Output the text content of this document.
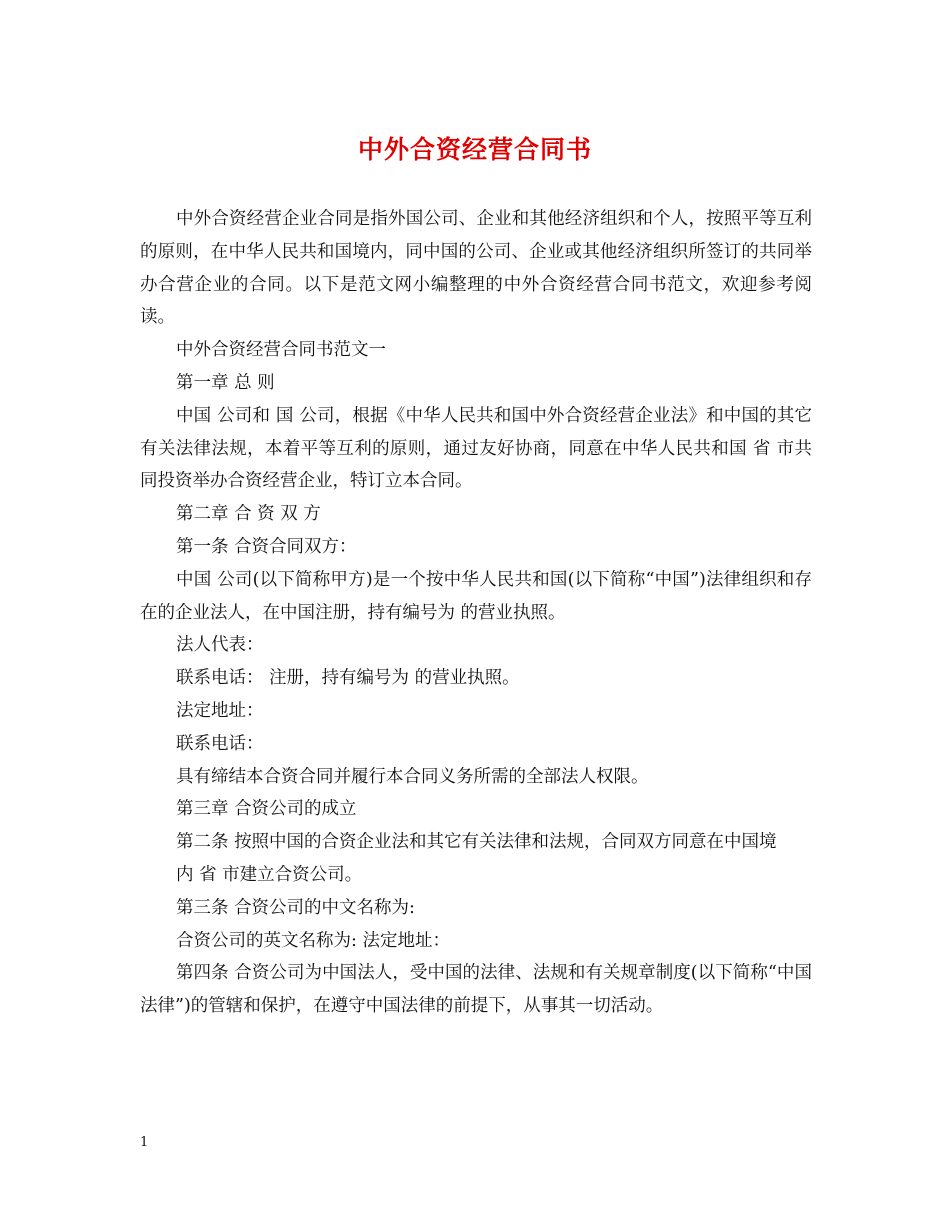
中外合资经营合同书

中外合资经营企业合同是指外国公司、企业和其他经济组织和个人，按照平等互利的原则，在中华人民共和国境内，同中国的公司、企业或其他经济组织所签订的共同举办合营企业的合同。以下是范文网小编整理的中外合资经营合同书范文，欢迎参考阅读。

中外合资经营合同书范文一

第一章 总 则

中国 公司和 国 公司，根据《中华人民共和国中外合资经营企业法》和中国的其它有关法律法规，本着平等互利的原则，通过友好协商，同意在中华人民共和国 省 市共同投资举办合资经营企业，特订立本合同。

第二章 合 资 双 方

第一条 合资合同双方：

中国 公司(以下简称甲方)是一个按中华人民共和国(以下简称“中国”)法律组织和存在的企业法人，在中国注册，持有编号为 的营业执照。

法人代表：

联系电话： 注册，持有编号为 的营业执照。

法定地址：

联系电话：

具有缔结本合资合同并履行本合同义务所需的全部法人权限。

第三章 合资公司的成立

第二条 按照中国的合资企业法和其它有关法律和法规，合同双方同意在中国境

内 省 市建立合资公司。

第三条 合资公司的中文名称为:

合资公司的英文名称为: 法定地址：

第四条 合资公司为中国法人，受中国的法律、法规和有关规章制度(以下简称“中国法律”)的管辖和保护，在遵守中国法律的前提下，从事其一切活动。

1
